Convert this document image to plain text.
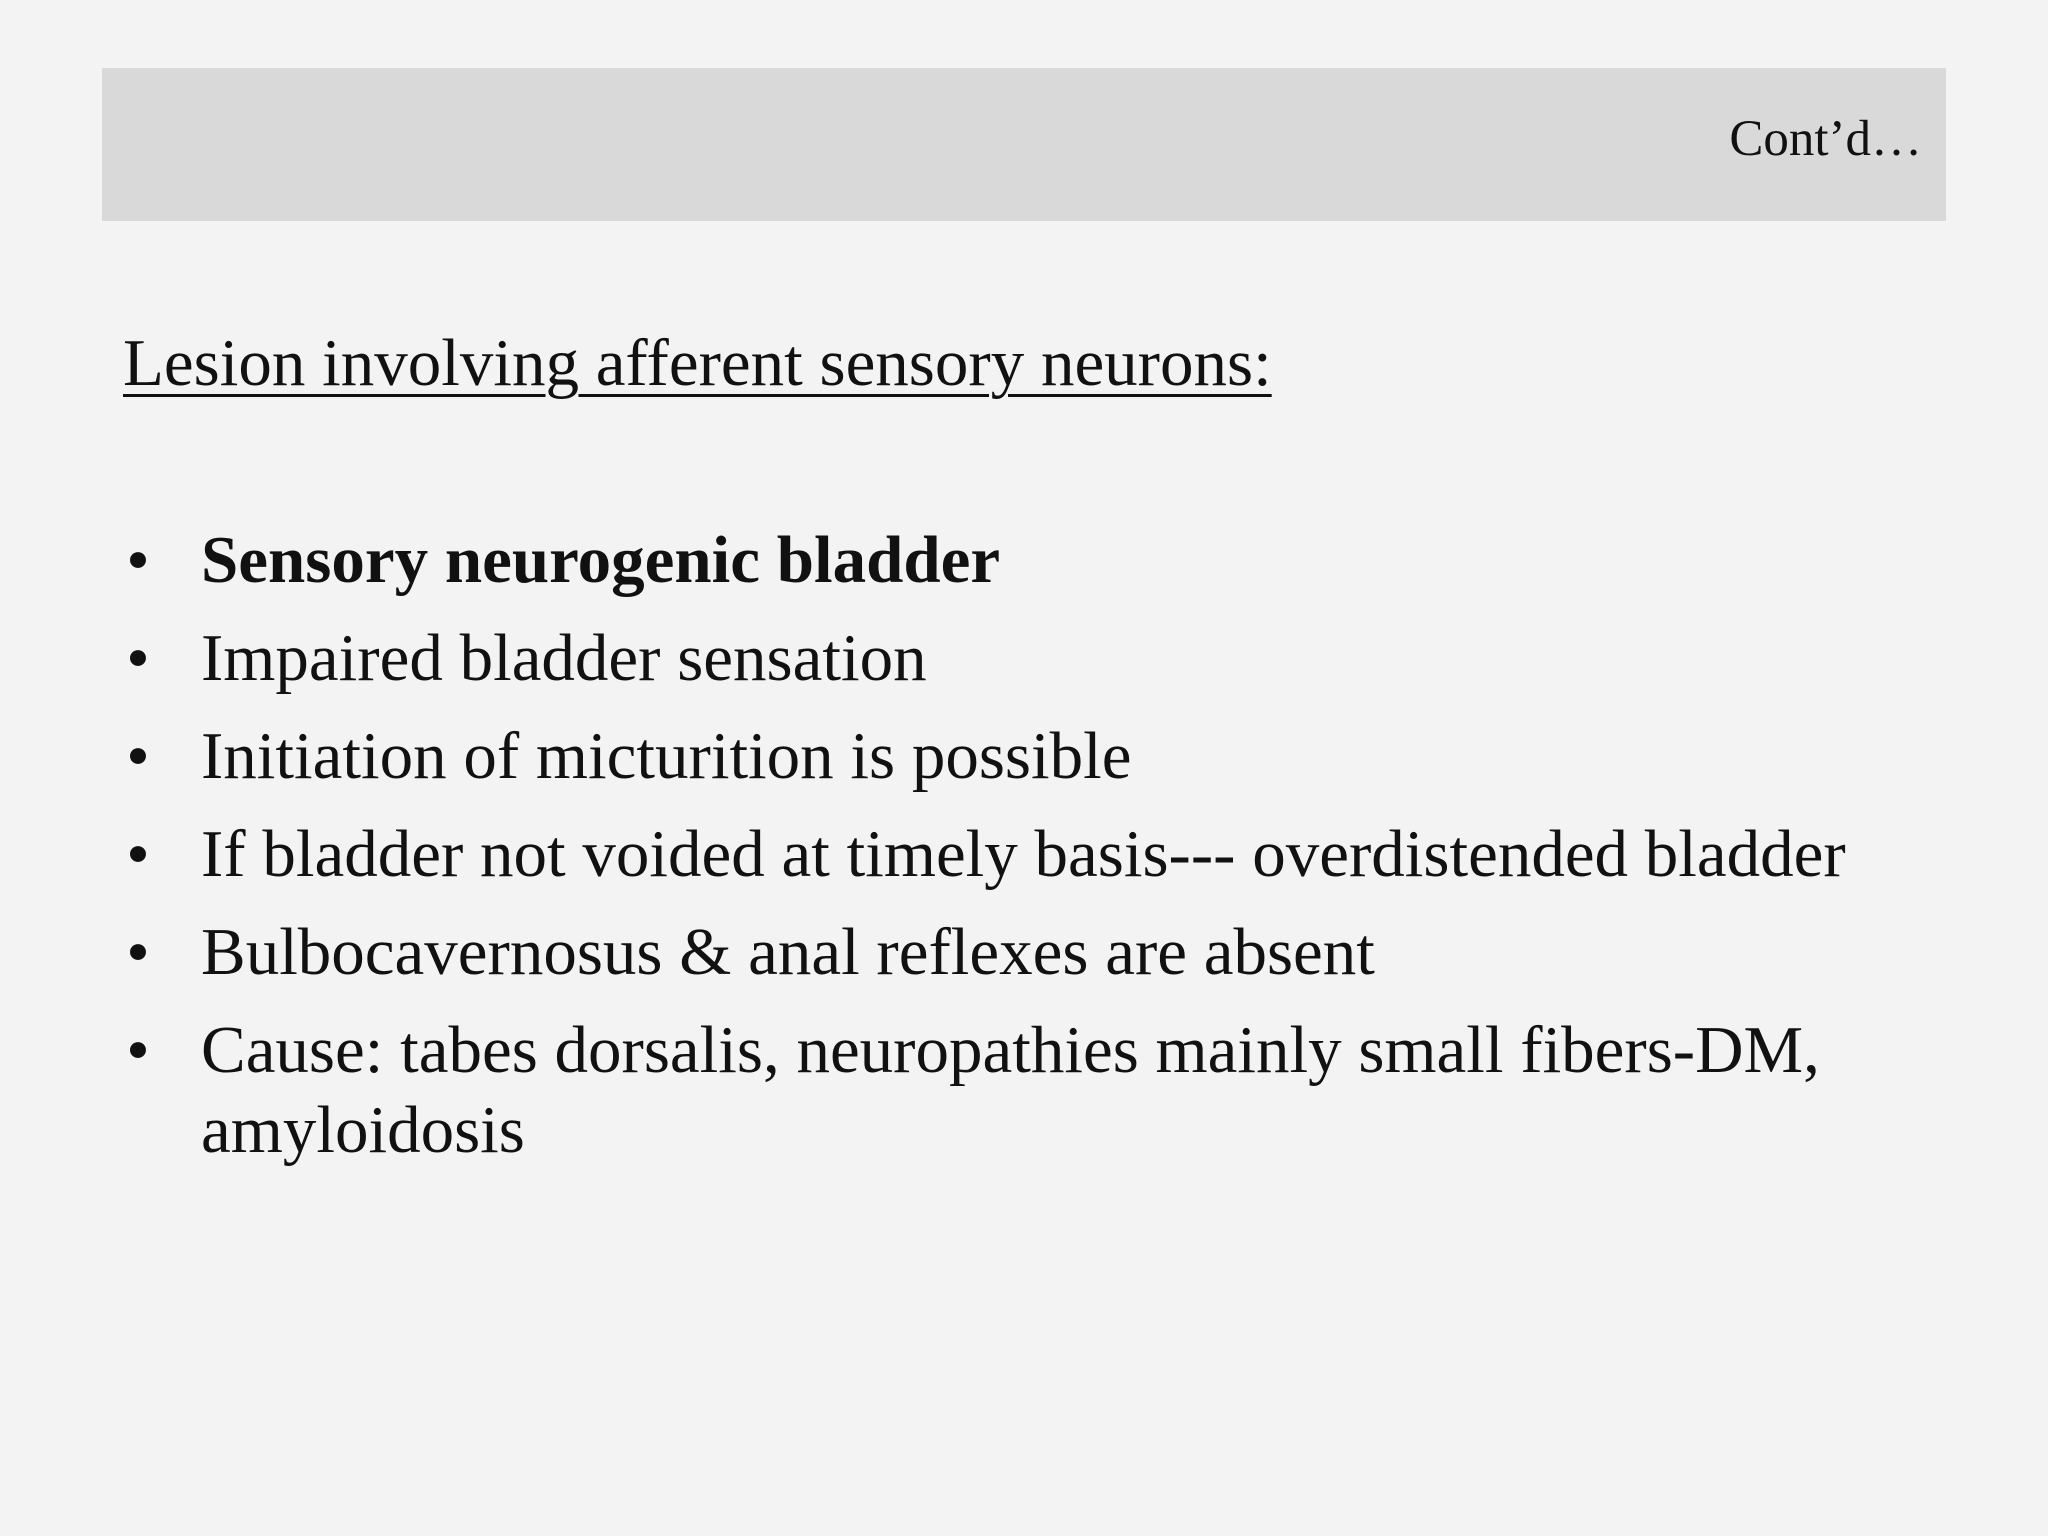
Cont’d…
Lesion involving afferent sensory neurons:
• Sensory neurogenic bladder
• Impaired bladder sensation
• Initiation of micturition is possible
• If bladder not voided at timely basis--- overdistended bladder
• Bulbocavernosus & anal reflexes are absent
• Cause: tabes dorsalis, neuropathies mainly small fibers-DM, amyloidosis
